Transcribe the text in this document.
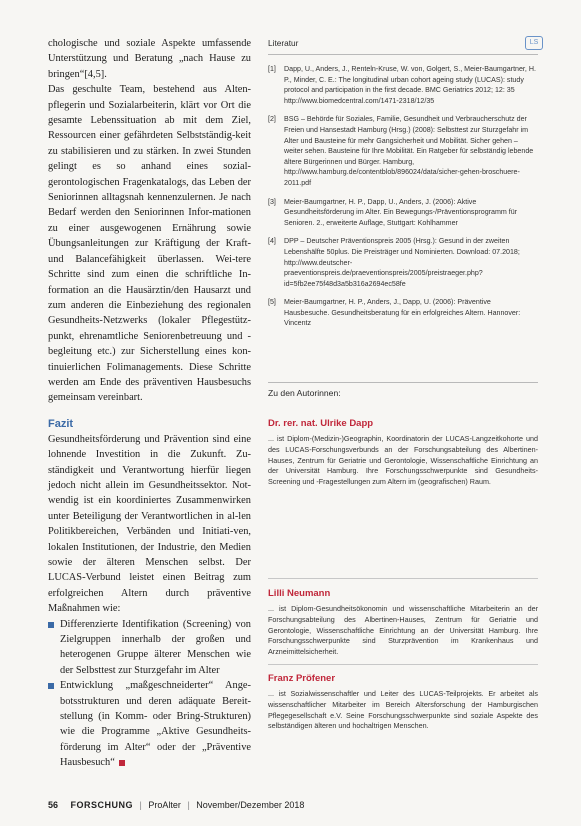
chologische und soziale Aspekte umfassende Unterstützung und Beratung „nach Hause zu bringen“[4,5].

Das geschulte Team, bestehend aus Alten-pflegerin und Sozialarbeiterin, klärt vor Ort die gesamte Lebenssituation ab mit dem Ziel, Ressourcen einer gefährdeten Selbstständig-keit zu stabilisieren und zu stärken. In zwei Stunden gelingt es so anhand eines sozial-gerontologischen Fragenkatalogs, das Leben der Seniorinnen alltagsnah kennenzulernen. Je nach Bedarf werden den Seniorinnen Infor-mationen zu einer ausgewogenen Ernährung sowie Übungsanleitungen zur Kräftigung der Kraft- und Balancefähigkeit überlassen. Wei-tere Schritte sind zum einen die schriftliche In-formation an die Hausärztin/den Hausarzt und zum anderen die Einbeziehung des regionalen Gesundheits-Netzwerks (lokaler Pflegestütz-punkt, ehrenamtliche Seniorenbetreuung und -begleitung etc.) zur Sicherstellung eines kon-tinuierlichen Folimanagements. Diese Schritte werden am Ende des präventiven Hausbesuchs gemeinsam vereinbart.

Fazit

Gesundheitsförderung und Prävention sind eine lohnende Investition in die Zukunft. Zu-ständigkeit und Verantwortung hierfür liegen jedoch nicht allein im Gesundheitssektor. Not-wendig ist ein koordiniertes Zusammenwirken unter Beteiligung der Verantwortlichen in al-len Politikbereichen, Verbänden und Initiati-ven, lokalen Institutionen, der Industrie, den Medien sowie der älteren Menschen selbst. Der LUCAS-Verbund leistet einen Beitrag zum erfolgreichen Altern durch präventive Maßnahmen wie:

Differenzierte Identifikation (Screening) von Zielgruppen innerhalb der großen und heterogenen Gruppe älterer Menschen wie der Selbsttest zur Sturzgefahr im Alter
Entwicklung „maßgeschneiderter“ Ange-botsstrukturen und deren adäquate Bereit-stellung (in Komm- oder Bring-Strukturen) wie die Programme „Aktive Gesundheits-förderung im Alter“ oder der „Präventive Hausbesuch“
LS
Literatur
[1]	Dapp, U., Anders, J., Renteln-Kruse, W. von, Golgert, S., Meier-Baumgartner, H. P., Minder, C. E.: The longitudinal urban cohort ageing study (LUCAS): study protocol and participation in the first decade. BMC Geriatrics 2012; 12: 35 http://www.biomedcentral.com/1471-2318/12/35
[2]	BSG – Behörde für Soziales, Familie, Gesundheit und Verbraucherschutz der Freien und Hansestadt Hamburg (Hrsg.) (2008): Selbsttest zur Sturzgefahr im Alter und Bausteine für mehr Gangsicherheit und Mobilität. Sicher gehen – weiter sehen. Bausteine für Ihre Mobilität. Ein Ratgeber für selbständig lebende ältere Bürgerinnen und Bürger. Hamburg, http://www.hamburg.de/contentblob/896024/data/sicher-gehen-broschuere-2011.pdf
[3]	Meier-Baumgartner, H. P., Dapp, U., Anders, J. (2006): Aktive Gesundheitsförderung im Alter. Ein Bewegungs-/Präventionsprogramm für Senioren. 2., erweiterte Auflage, Stuttgart: Kohlhammer
[4]	DPP – Deutscher Präventionspreis 2005 (Hrsg.): Gesund in der zweiten Lebenshälfte 50plus. Die Preisträger und Nominierten. Download: 07.2018; http://www.deutscher-praeventionspreis.de/praeventionspreis/2005/preistraeger.php?id=5fb2ee75f48d3a5b316a2694ec58fe
[5]	Meier-Baumgartner, H. P., Anders, J., Dapp, U. (2006): Präventive Hausbesuche. Gesundheitsberatung für ein erfolgreiches Altern. Hannover: Vincentz
Zu den Autorinnen:
Dr. rer. nat. Ulrike Dapp
... ist Diplom-(Medizin-)Geographin, Koordinatorin der LUCAS-Langzeitkohorte und des LUCAS-Forschungsverbunds an der Forschungsabteilung des Albertinen-Hauses, Zentrum für Geriatrie und Gerontologie, Wissenschaftliche Einrichtung an der Universität Hamburg. Ihre Forschungsschwerpunkte sind Gesundheits-Screening und -Fragestellungen zum Altern im (geografischen) Raum.
Lilli Neumann
... ist Diplom-Gesundheitsökonomin und wissenschaftliche Mitarbeiterin an der Forschungsabteilung des Albertinen-Hauses, Zentrum für Geriatrie und Gerontologie, Wissenschaftliche Einrichtung an der Universität Hamburg. Ihre Forschungsschwerpunkte sind Sturzprävention im Krankenhaus und Arzneimittelsicherheit.
Franz Pröfener
... ist Sozialwissenschaftler und Leiter des LUCAS-Teilprojekts. Er arbeitet als wissenschaftlicher Mitarbeiter im Bereich Altersforschung der Hamburgischen Pflegegesellschaft e.V. Seine Forschungsschwerpunkte sind soziale Aspekte des selbständigen älteren und hochaltrigen Menschen.
56 FORSCHUNG | ProAlter | November/Dezember 2018
